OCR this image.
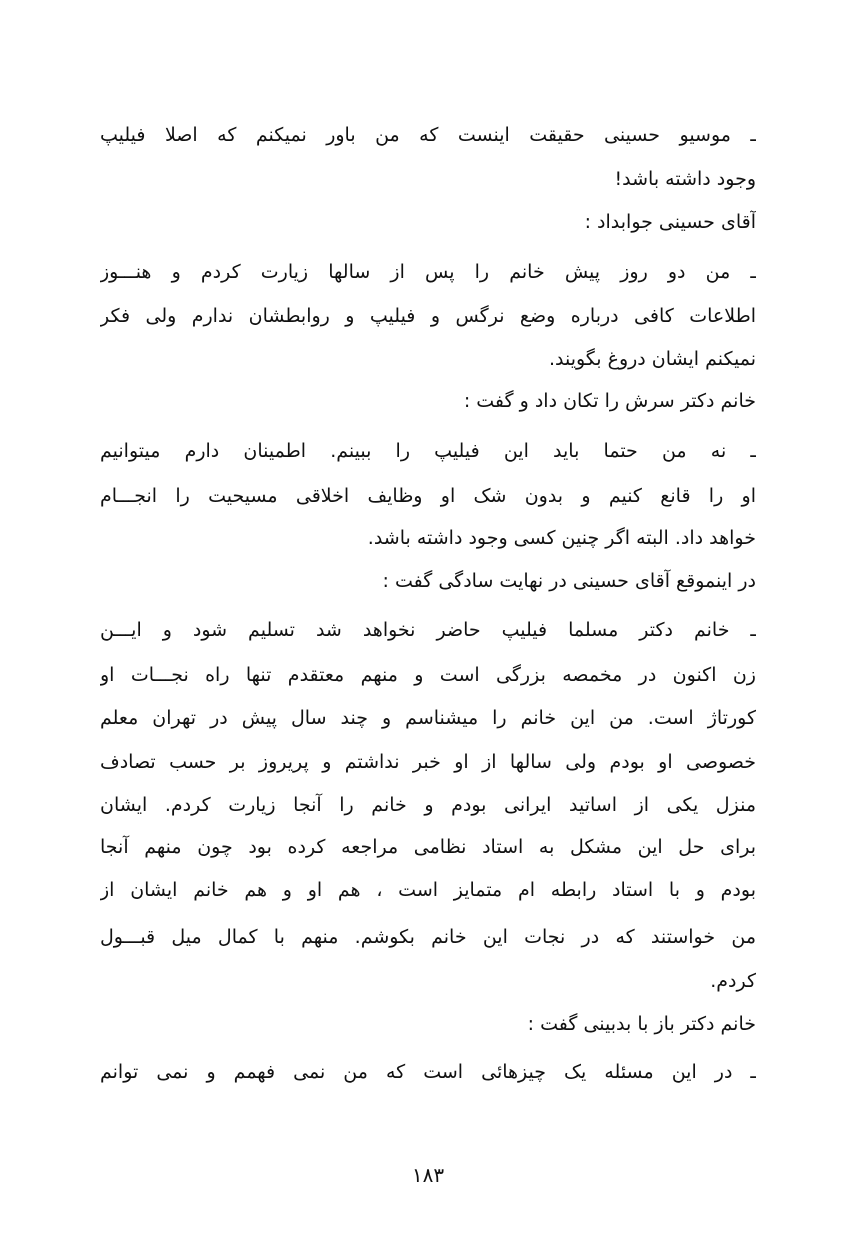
ـ موسیو حسینی حقیقت اینست که من باور نمیکنم که اصلا فیلیپ
وجود داشته باشد!
آقای حسینی جوابداد :
ـ من دو روز پیش خانم را پس از سالها زیارت کردم و هنـــوز
اطلاعات کافی درباره وضع نرگس و فیلیپ و روابطشان ندارم ولی فکر
نمیکنم ایشان دروغ بگویند.
خانم دکتر سرش را تکان داد و گفت :
ـ نه من حتما باید این فیلیپ را ببینم. اطمینان دارم میتوانیم
او را قانع کنیم و بدون شک او وظایف اخلاقی مسیحیت را انجـــام
خواهد داد. البته اگر چنین کسی وجود داشته باشد.
در اینموقع آقای حسینی در نهایت سادگی گفت :
ـ خانم دکتر مسلما فیلیپ حاضر نخواهد شد تسلیم شود و ایـــن
زن اکنون در مخمصه بزرگی است و منهم معتقدم تنها راه نجـــات او
کورتاژ است. من این خانم را میشناسم و چند سال پیش در تهران معلم
خصوصی او بودم ولی سالها از او خبر نداشتم و پریروز بر حسب تصادف
منزل یکی از اساتید ایرانی بودم و خانم را آنجا زیارت کردم. ایشان
برای حل این مشکل به استاد نظامی مراجعه کرده بود چون منهم آنجا
بودم و با استاد رابطه ام متمایز است ، هم او و هم خانم ایشان از
من خواستند که در نجات این خانم بکوشم. منهم با کمال میل قبـــول
کردم.
خانم دکتر باز با بدبینی گفت :
ـ در این مسئله یک چیزهائی است که من نمی فهمم و نمی توانم
١٨٣
